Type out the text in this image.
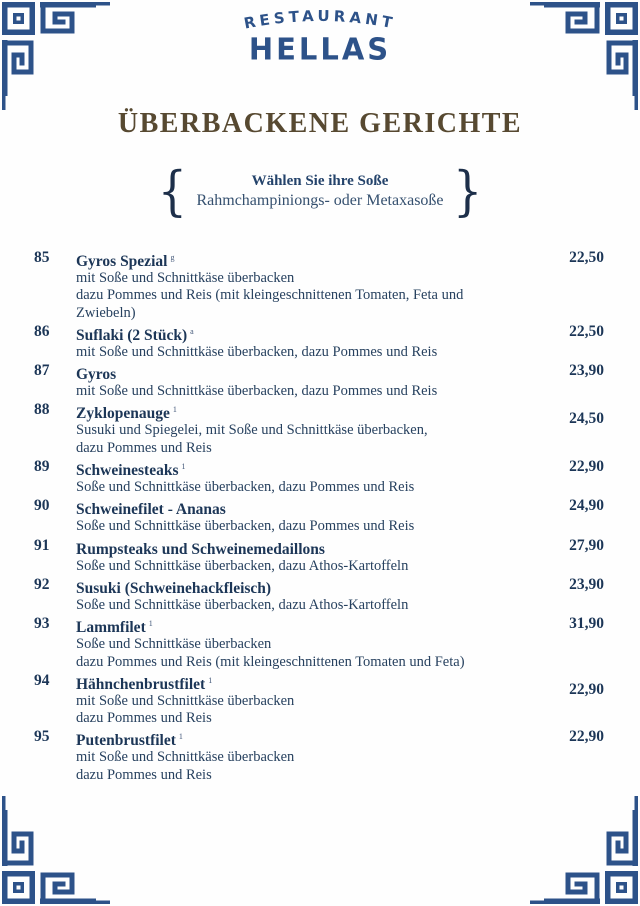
RESTAURANT
HELLAS
ÜBERBACKENE GERICHTE
{	Wählen Sie ihre Soße
Rahmchampiniongs- oder Metaxasoße }
85	Gyros Spezial $^g$
mit Soße und Schnittkäse überbacken
dazu Pommes und Reis (mit kleingeschnittenen Tomaten, Feta und
Zwiebeln)
22,50
86	Suflaki (2 Stück) $^a$
mit Soße und Schnittkäse überbacken, dazu Pommes und Reis
22,50
87	Gyros
mit Soße und Schnittkäse überbacken, dazu Pommes und Reis
23,90
88	Zyklopenauge $^1$
Susuki und Spiegelei, mit Soße und Schnittkäse überbacken,
dazu Pommes und Reis
24,50
89	Schweinesteaks $^1$
Soße und Schnittkäse überbacken, dazu Pommes und Reis
22,90
90	Schweinefilet - Ananas
Soße und Schnittkäse überbacken, dazu Pommes und Reis
24,90
91	Rumpsteaks und Schweinemedaillons
Soße und Schnittkäse überbacken, dazu Athos-Kartoffeln
27,90
92	Susuki (Schweinehackfleisch)
Soße und Schnittkäse überbacken, dazu Athos-Kartoffeln
23,90
93	Lammfilet $^1$
Soße und Schnittkäse überbacken
dazu Pommes und Reis (mit kleingeschnittenen Tomaten und Feta)
31,90
94	Hähnchenbrustfilet $^1$
mit Soße und Schnittkäse überbacken
dazu Pommes und Reis
22,90
95	Putenbrustfilet $^1$
mit Soße und Schnittkäse überbacken
dazu Pommes und Reis
22,90
